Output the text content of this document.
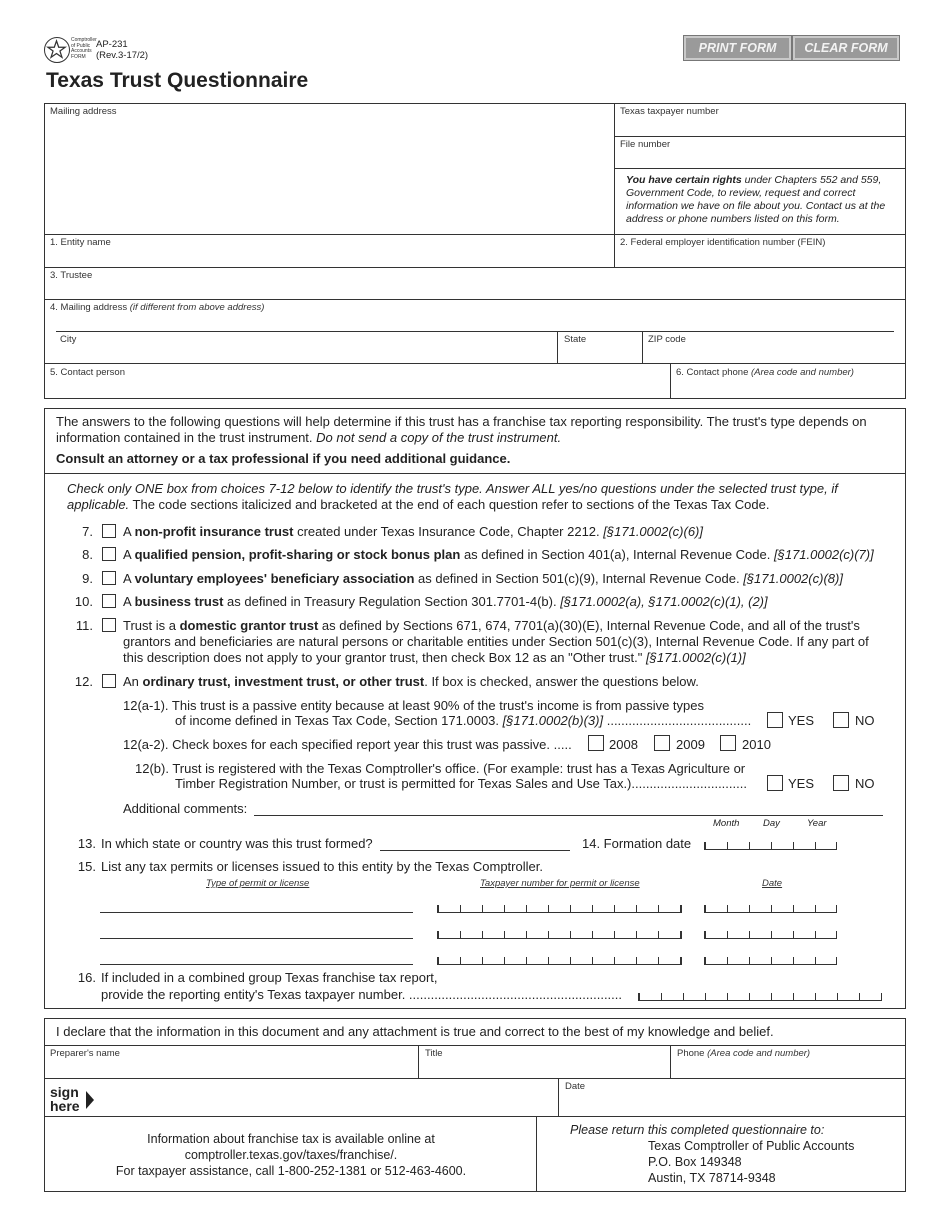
Comptroller
of Public
Accounts
FORM
AP-231
(Rev.3-17/2)
PRINT FORM	CLEAR FORM
Texas Trust Questionnaire
Mailing address	Texas taxpayer number
File number
You have certain rights under Chapters 552 and 559, Government Code, to review, request and correct information we have on file about you. Contact us at the address or phone numbers listed on this form.
1. Entity name	2. Federal employer identification number (FEIN)
3. Trustee
4. Mailing address (if different from above address)
City	State	ZIP code
5. Contact person	6. Contact phone (Area code and number)
The answers to the following questions will help determine if this trust has a franchise tax reporting responsibility. The trust's type depends on information contained in the trust instrument. Do not send a copy of the trust instrument.
Consult an attorney or a tax professional if you need additional guidance.
Check only ONE box from choices 7-12 below to identify the trust's type. Answer ALL yes/no questions under the selected trust type, if applicable. The code sections italicized and bracketed at the end of each question refer to sections of the Texas Tax Code.
7. A non-profit insurance trust created under Texas Insurance Code, Chapter 2212. [§171.0002(c)(6)]
8. A qualified pension, profit-sharing or stock bonus plan as defined in Section 401(a), Internal Revenue Code. [§171.0002(c)(7)]
9. A voluntary employees' beneficiary association as defined in Section 501(c)(9), Internal Revenue Code. [§171.0002(c)(8)]
10. A business trust as defined in Treasury Regulation Section 301.7701-4(b). [§171.0002(a), §171.0002(c)(1), (2)]
11. Trust is a domestic grantor trust as defined by Sections 671, 674, 7701(a)(30)(E), Internal Revenue Code, and all of the trust's grantors and beneficiaries are natural persons or charitable entities under Section 501(c)(3), Internal Revenue Code. If any part of this description does not apply to your grantor trust, then check Box 12 as an "Other trust." [§171.0002(c)(1)]
12. An ordinary trust, investment trust, or other trust. If box is checked, answer the questions below.
12(a-1). This trust is a passive entity because at least 90% of the trust's income is from passive types
of income defined in Texas Tax Code, Section 171.0003. [§171.0002(b)(3)] ........................................	YES	NO
12(a-2). Check boxes for each specified report year this trust was passive. .....	2008	2009	2010
12(b). Trust is registered with the Texas Comptroller's office. (For example: trust has a Texas Agriculture or
Timber Registration Number, or trust is permitted for Texas Sales and Use Tax.)................................	YES	NO
Additional comments:
Month Day	Year
13. In which state or country was this trust formed?	14. Formation date
15. List any tax permits or licenses issued to this entity by the Texas Comptroller.
Type of permit or license	Taxpayer number for permit or license	Date
16. If included in a combined group Texas franchise tax report,
provide the reporting entity's Texas taxpayer number. ...........................................................
I declare that the information in this document and any attachment is true and correct to the best of my knowledge and belief.
Preparer's name	Title	Phone (Area code and number)
sign
here
Date
Information about franchise tax is available online at
comptroller.texas.gov/taxes/franchise/.
For taxpayer assistance, call 1-800-252-1381 or 512-463-4600.
Please return this completed questionnaire to:
Texas Comptroller of Public Accounts
P.O. Box 149348
Austin, TX 78714-9348
